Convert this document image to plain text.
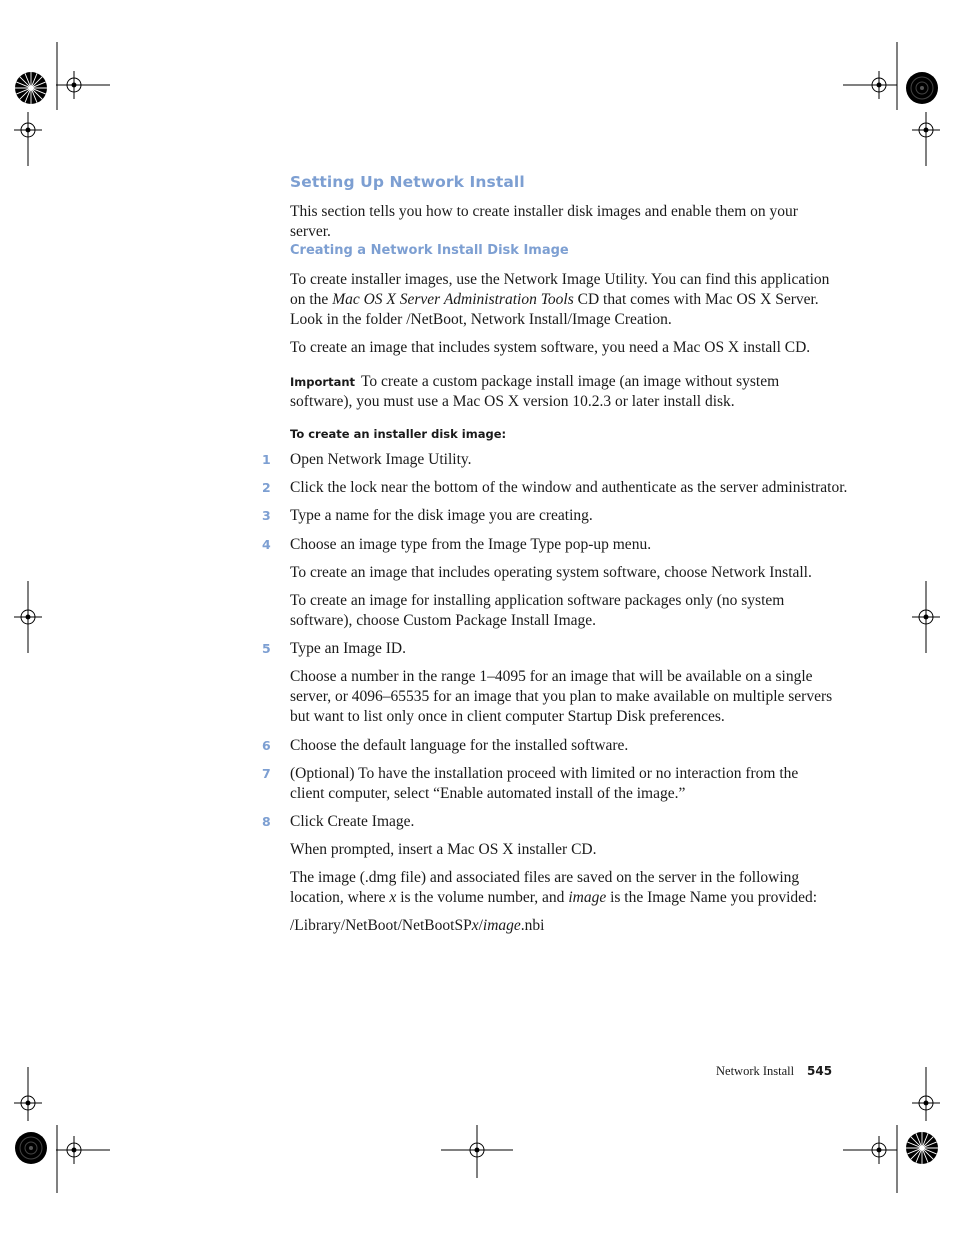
Setting Up Network Install

This section tells you how to create installer disk images and enable them on your server.

Creating a Network Install Disk Image

To create installer images, use the Network Image Utility. You can find this application on the Mac OS X Server Administration Tools CD that comes with Mac OS X Server. Look in the folder /NetBoot, Network Install/Image Creation.

To create an image that includes system software, you need a Mac OS X install CD.

Important To create a custom package install image (an image without system software), you must use a Mac OS X version 10.2.3 or later install disk.

To create an installer disk image:
1 Open Network Image Utility.

2 Click the lock near the bottom of the window and authenticate as the server administrator.

3 Type a name for the disk image you are creating.

4 Choose an image type from the Image Type pop-up menu.

To create an image that includes operating system software, choose Network Install.

To create an image for installing application software packages only (no system software), choose Custom Package Install Image.

5 Type an Image ID.

Choose a number in the range 1–4095 for an image that will be available on a single server, or 4096–65535 for an image that you plan to make available on multiple servers but want to list only once in client computer Startup Disk preferences.

6 Choose the default language for the installed software.

7 (Optional) To have the installation proceed with limited or no interaction from the client computer, select “Enable automated install of the image.”

8 Click Create Image.

When prompted, insert a Mac OS X installer CD.

The image (.dmg file) and associated files are saved on the server in the following location, where x is the volume number, and image is the Image Name you provided:

/Library/NetBoot/NetBootSPx/image.nbi

Network Install 545
